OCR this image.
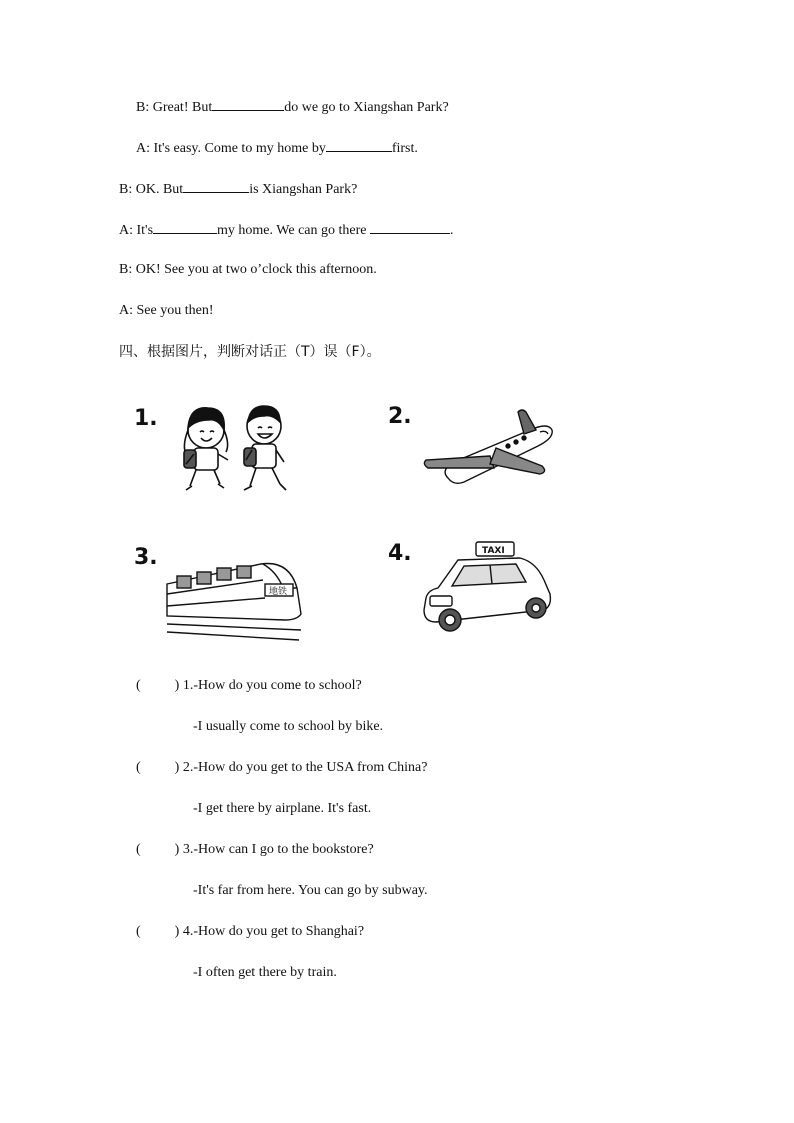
B: Great! But	do we go to Xiangshan Park?
A: It's easy. Come to my home by	first.
B: OK. But	is Xiangshan Park?
A: It's	my home. We can go there	.
B: OK! See you at two o’clock this afternoon.
A: See you then!
四、根据图片，判断对话正（T）误（F）。
1.	2.
3.	4.
地铁
TAXI
( ) 1.-How do you come to school?
-I usually come to school by bike.
( ) 2.-How do you get to the USA from China?
-I get there by airplane. It's fast.
( ) 3.-How can I go to the bookstore?
-It's far from here. You can go by subway.
( ) 4.-How do you get to Shanghai?
-I often get there by train.
